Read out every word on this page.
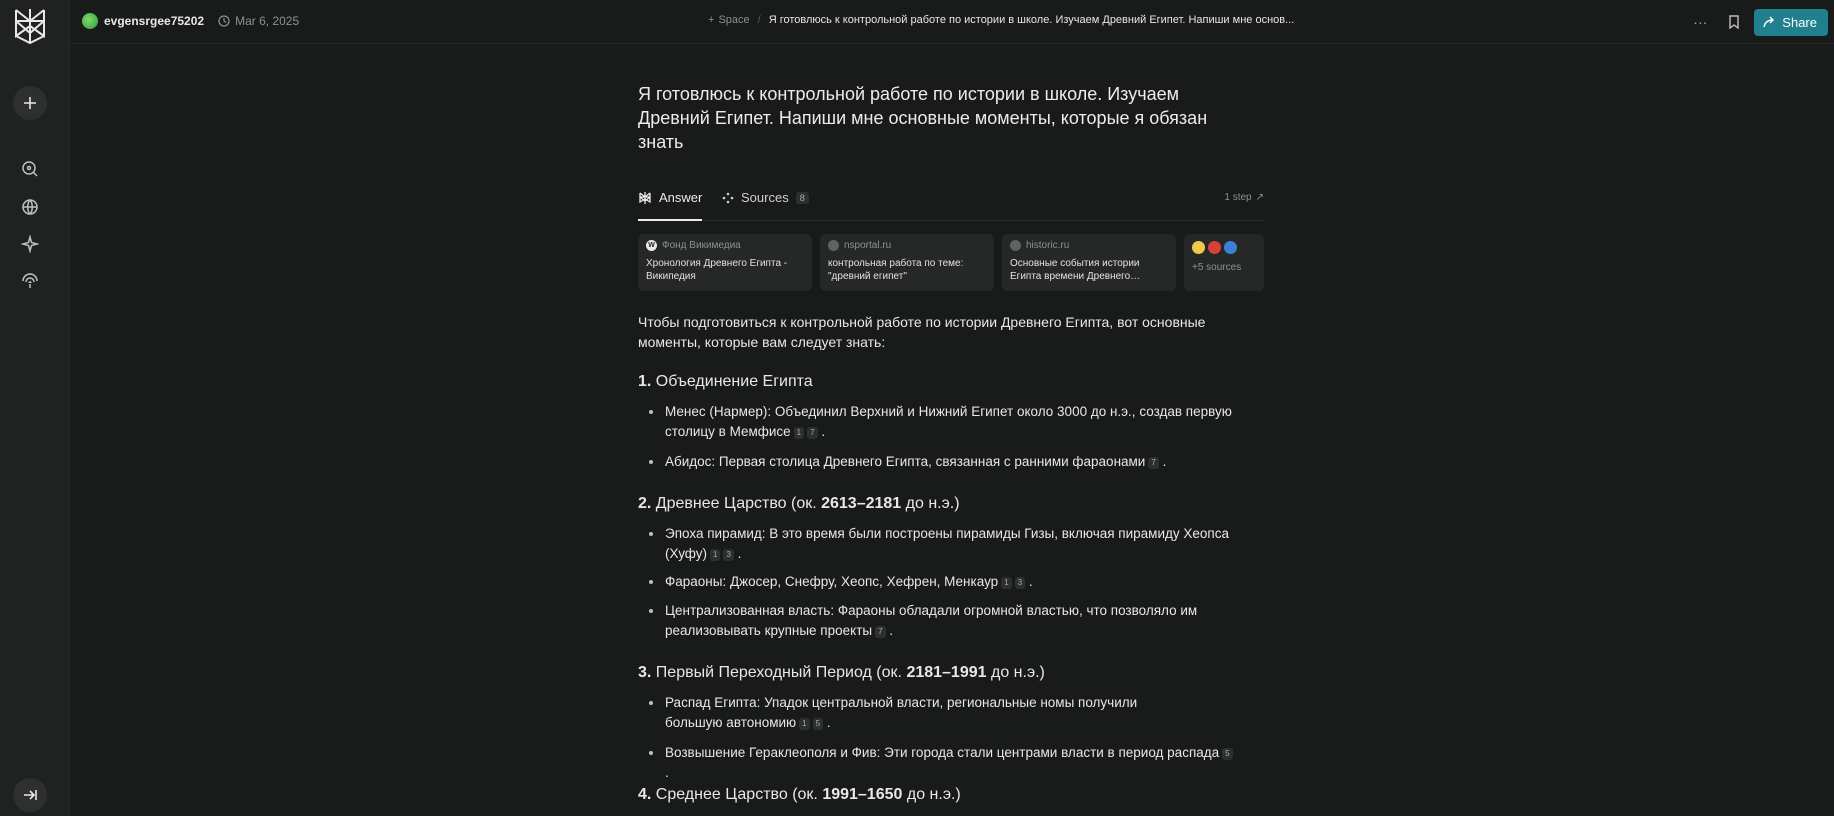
evgensrgee75202	Mar 6, 2025	+ Space / Я готовлюсь к контрольной работе по истории в школе. Изучаем Древний Египет. Напиши мне основ...	···	Share
Я готовлюсь к контрольной работе по истории в школе. Изучаем Древний Египет. Напиши мне основные моменты, которые я обязан знать
Answer	Sources	8	1 step ↗
W Фонд Викимедиа
Хронология Древнего Египта - Википедия
nsportal.ru
контрольная работа по теме: "древний египет"
historic.ru
Основные события истории Египта времени Древнего…
+5 sources
Чтобы подготовиться к контрольной работе по истории Древнего Египта, вот основные моменты, которые вам следует знать:
1. Объединение Египта
Менес (Нармер): Объединил Верхний и Нижний Египет около 3000 до н.э., создав первую столицу в Мемфисе 1 7 .
Абидос: Первая столица Древнего Египта, связанная с ранними фараонами 7 .
2. Древнее Царство (ок. 2613–2181 до н.э.)
Эпоха пирамид: В это время были построены пирамиды Гизы, включая пирамиду Хеопса (Хуфу) 1 3 .
Фараоны: Джосер, Снефру, Хеопс, Хефрен, Менкаур 1 3 .
Централизованная власть: Фараоны обладали огромной властью, что позволяло им реализовывать крупные проекты 7 .
3. Первый Переходный Период (ок. 2181–1991 до н.э.)
Распад Египта: Упадок центральной власти, региональные номы получили большую автономию 1 5 .
Возвышение Гераклеополя и Фив: Эти города стали центрами власти в период распада 5 .
4. Среднее Царство (ок. 1991–1650 до н.э.)
